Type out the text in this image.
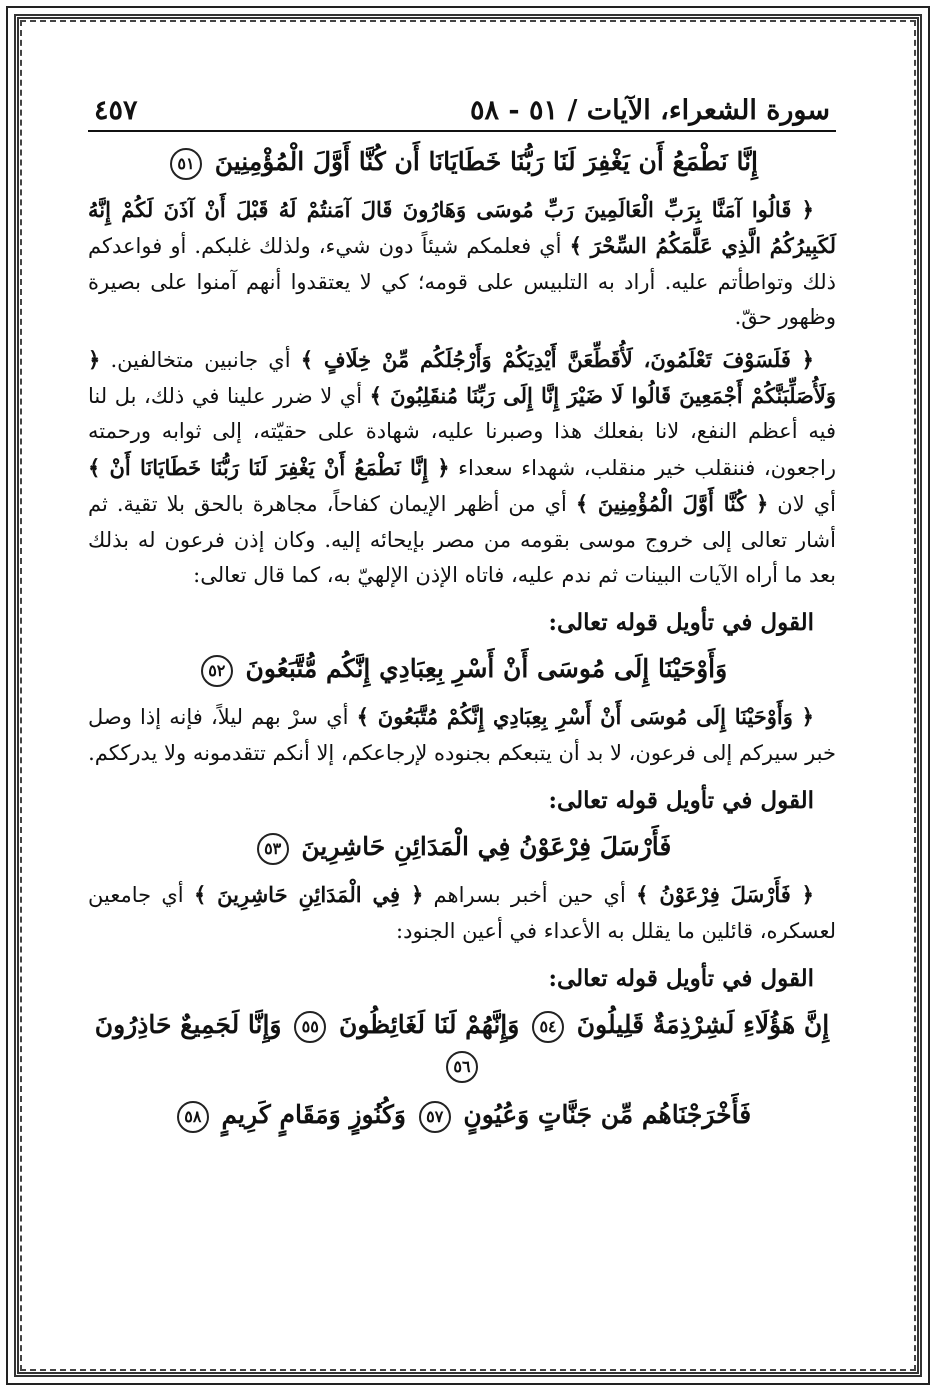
سورة الشعراء، الآيات / ٥١ - ٥٨
٤٥٧
إِنَّا نَطْمَعُ أَن يَغْفِرَ لَنَا رَبُّنَا خَطَايَانَا أَن كُنَّا أَوَّلَ الْمُؤْمِنِينَ ٥١

﴿ قَالُوا آمَنَّا بِرَبِّ الْعَالَمِينَ رَبِّ مُوسَى وَهَارُونَ قَالَ آمَنتُمْ لَهُ قَبْلَ أَنْ آذَنَ لَكُمْ إِنَّهُ لَكَبِيرُكُمُ الَّذِي عَلَّمَكُمُ السِّحْرَ ﴾ أي فعلمكم شيئاً دون شيء، ولذلك غلبكم. أو فواعدكم ذلك وتواطأتم عليه. أراد به التلبيس على قومه؛ كي لا يعتقدوا أنهم آمنوا على بصيرة وظهور حقّ.

﴿ فَلَسَوْفَ تَعْلَمُونَ، لَأُقَطِّعَنَّ أَيْدِيَكُمْ وَأَرْجُلَكُم مِّنْ خِلَافٍ ﴾ أي جانبين متخالفين. ﴿ وَلَأُصَلِّبَنَّكُمْ أَجْمَعِينَ قَالُوا لَا ضَيْرَ إِنَّا إِلَى رَبِّنَا مُنقَلِبُونَ ﴾ أي لا ضرر علينا في ذلك، بل لنا فيه أعظم النفع، لانا بفعلك هذا وصبرنا عليه، شهادة على حقيّته، إلى ثوابه ورحمته راجعون، فننقلب خير منقلب، شهداء سعداء ﴿ إِنَّا نَطْمَعُ أَنْ يَغْفِرَ لَنَا رَبُّنَا خَطَايَانَا أَنْ ﴾ أي لان ﴿ كُنَّا أَوَّلَ الْمُؤْمِنِينَ ﴾ أي من أظهر الإيمان كفاحاً، مجاهرة بالحق بلا تقية. ثم أشار تعالى إلى خروج موسى بقومه من مصر بإيحائه إليه. وكان إذن فرعون له بذلك بعد ما أراه الآيات البينات ثم ندم عليه، فاتاه الإذن الإلهيّ به، كما قال تعالى:

القول في تأويل قوله تعالى:
وَأَوْحَيْنَا إِلَى مُوسَى أَنْ أَسْرِ بِعِبَادِي إِنَّكُم مُّتَّبَعُونَ ٥٢

﴿ وَأَوْحَيْنَا إِلَى مُوسَى أَنْ أَسْرِ بِعِبَادِي إِنَّكُمْ مُتَّبَعُونَ ﴾ أي سرْ بهم ليلاً، فإنه إذا وصل خبر سيركم إلى فرعون، لا بد أن يتبعكم بجنوده لإرجاعكم، إلا أنكم تتقدمونه ولا يدرككم.

القول في تأويل قوله تعالى:
فَأَرْسَلَ فِرْعَوْنُ فِي الْمَدَائِنِ حَاشِرِينَ ٥٣

﴿ فَأَرْسَلَ فِرْعَوْنُ ﴾ أي حين أخبر بسراهم ﴿ فِي الْمَدَائِنِ حَاشِرِينَ ﴾ أي جامعين لعسكره، قائلين ما يقلل به الأعداء في أعين الجنود:

القول في تأويل قوله تعالى:
إِنَّ هَؤُلَاءِ لَشِرْذِمَةٌ قَلِيلُونَ ٥٤ وَإِنَّهُمْ لَنَا لَغَائِظُونَ ٥٥ وَإِنَّا لَجَمِيعٌ حَاذِرُونَ ٥٦
فَأَخْرَجْنَاهُم مِّن جَنَّاتٍ وَعُيُونٍ ٥٧ وَكُنُوزٍ وَمَقَامٍ كَرِيمٍ ٥٨
